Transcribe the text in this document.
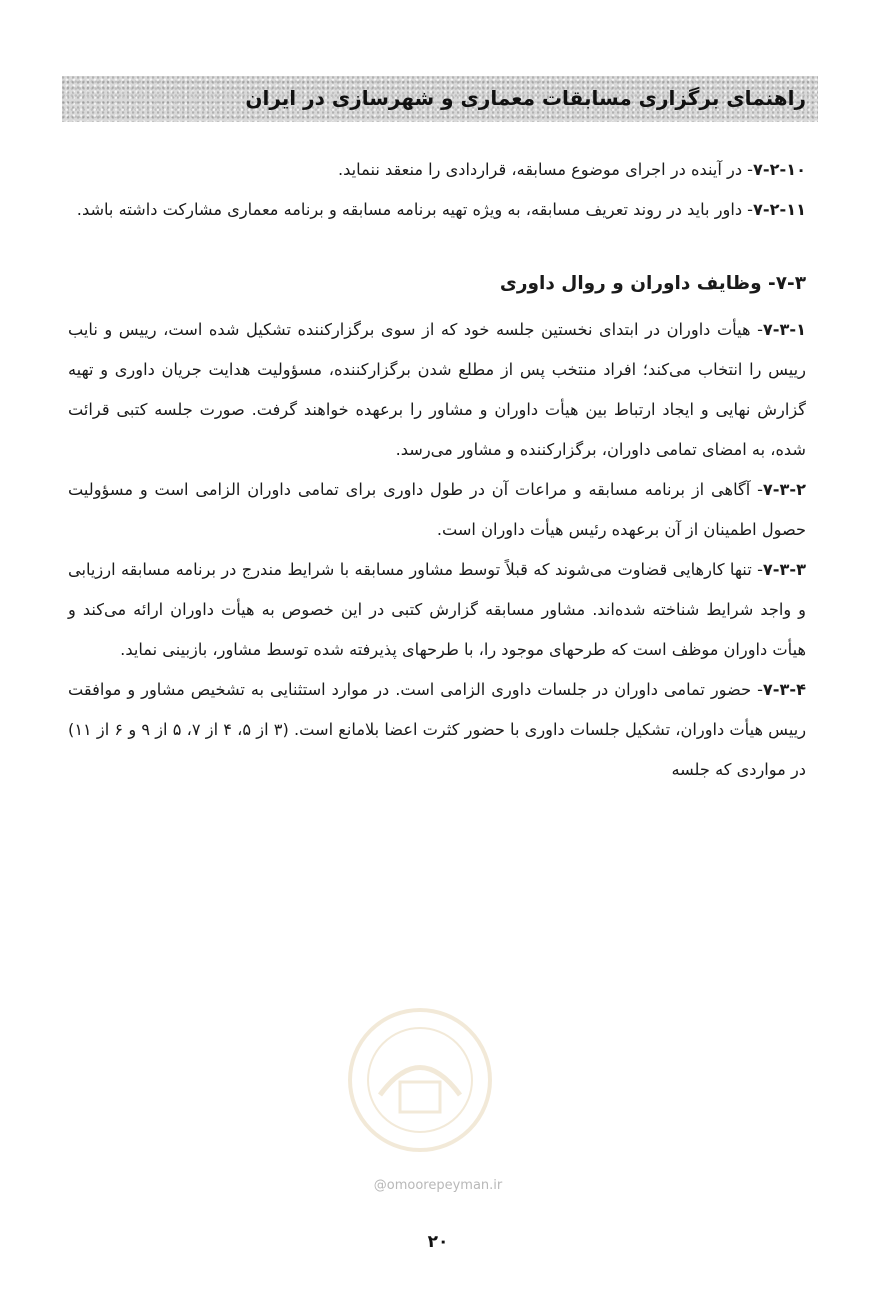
راهنمای برگزاری مسابقات معماری و شهرسازی در ایران

۷-۲-۱۰- در آینده در اجرای موضوع مسابقه، قراردادی را منعقد ننماید.

۷-۲-۱۱- داور باید در روند تعریف مسابقه، به ویژه تهیه برنامه مسابقه و برنامه معماری مشارکت داشته باشد.

۷-۳- وظایف داوران و روال داوری

۷-۳-۱- هیأت داوران در ابتدای نخستین جلسه خود که از سوی برگزارکننده تشکیل شده است، رییس و نایب رییس را انتخاب می‌کند؛ افراد منتخب پس از مطلع شدن برگزارکننده، مسؤولیت هدایت جریان داوری و تهیه گزارش نهایی و ایجاد ارتباط بین هیأت داوران و مشاور را برعهده خواهند گرفت. صورت جلسه کتبی قرائت شده، به امضای تمامی داوران، برگزارکننده و مشاور می‌رسد.

۷-۳-۲- آگاهی از برنامه مسابقه و مراعات آن در طول داوری برای تمامی داوران الزامی است و مسؤولیت حصول اطمینان از آن برعهده رئیس هیأت داوران است.

۷-۳-۳- تنها کارهایی قضاوت می‌شوند که قبلاً توسط مشاور مسابقه با شرایط مندرج در برنامه مسابقه ارزیابی و واجد شرایط شناخته شده‌اند. مشاور مسابقه گزارش کتبی در این خصوص به هیأت داوران ارائه می‌کند و هیأت داوران موظف است که طرحهای موجود را، با طرحهای پذیرفته شده توسط مشاور، بازبینی نماید.

۷-۳-۴- حضور تمامی داوران در جلسات داوری الزامی است. در موارد استثنایی به تشخیص مشاور و موافقت رییس هیأت داوران، تشکیل جلسات داوری با حضور کثرت اعضا بلامانع است. (۳ از ۵، ۴ از ۷، ۵ از ۹ و ۶ از ۱۱) در مواردی که جلسه

@omoorepeyman.ir
۲۰
